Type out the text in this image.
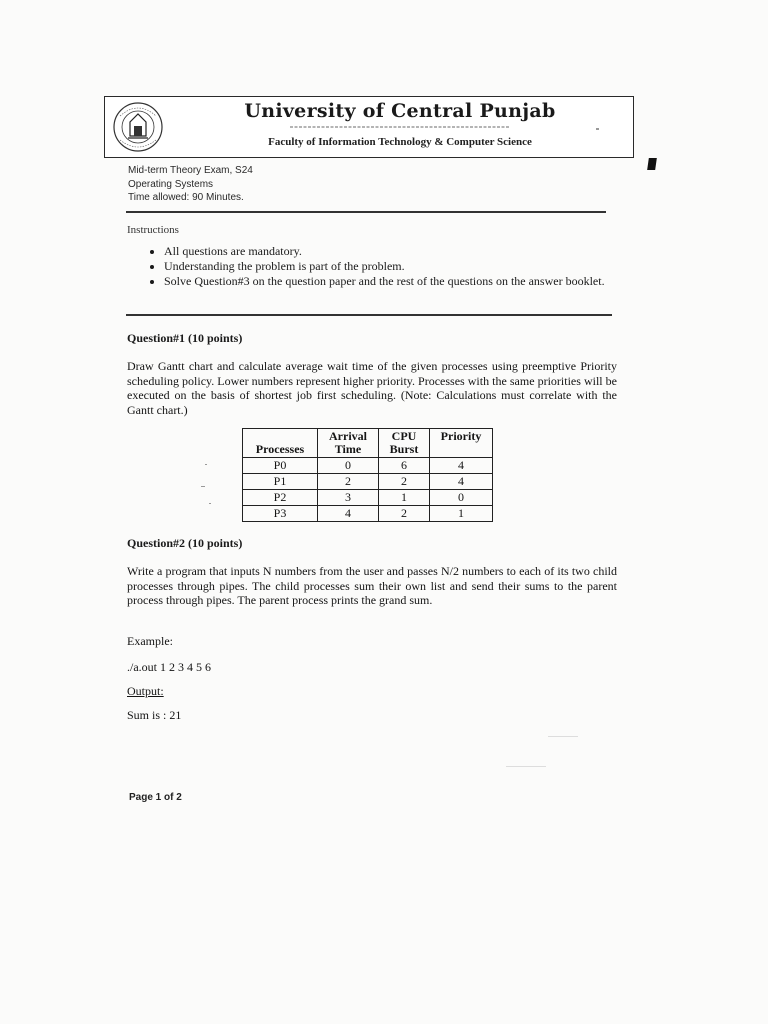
University of Central Punjab
Faculty of Information Technology & Computer Science
Mid-term Theory Exam, S24
Operating Systems
Time allowed: 90 Minutes.
Instructions
• All questions are mandatory.
• Understanding the problem is part of the problem.
• Solve Question#3 on the question paper and the rest of the questions on the answer booklet.
Question#1 (10 points)
Draw Gantt chart and calculate average wait time of the given processes using preemptive Priority scheduling policy. Lower numbers represent higher priority. Processes with the same priorities will be executed on the basis of shortest job first scheduling. (Note: Calculations must correlate with the Gantt chart.)
Processes	Arrival Time	CPU Burst	Priority
P0	0	6	4
P1	2	2	4
P2	3	1	0
P3	4	2	1
Question#2 (10 points)
Write a program that inputs N numbers from the user and passes N/2 numbers to each of its two child processes through pipes. The child processes sum their own list and send their sums to the parent process through pipes. The parent process prints the grand sum.
Example:
./a.out 1 2 3 4 5 6
Output:
Sum is : 21
Page 1 of 2
